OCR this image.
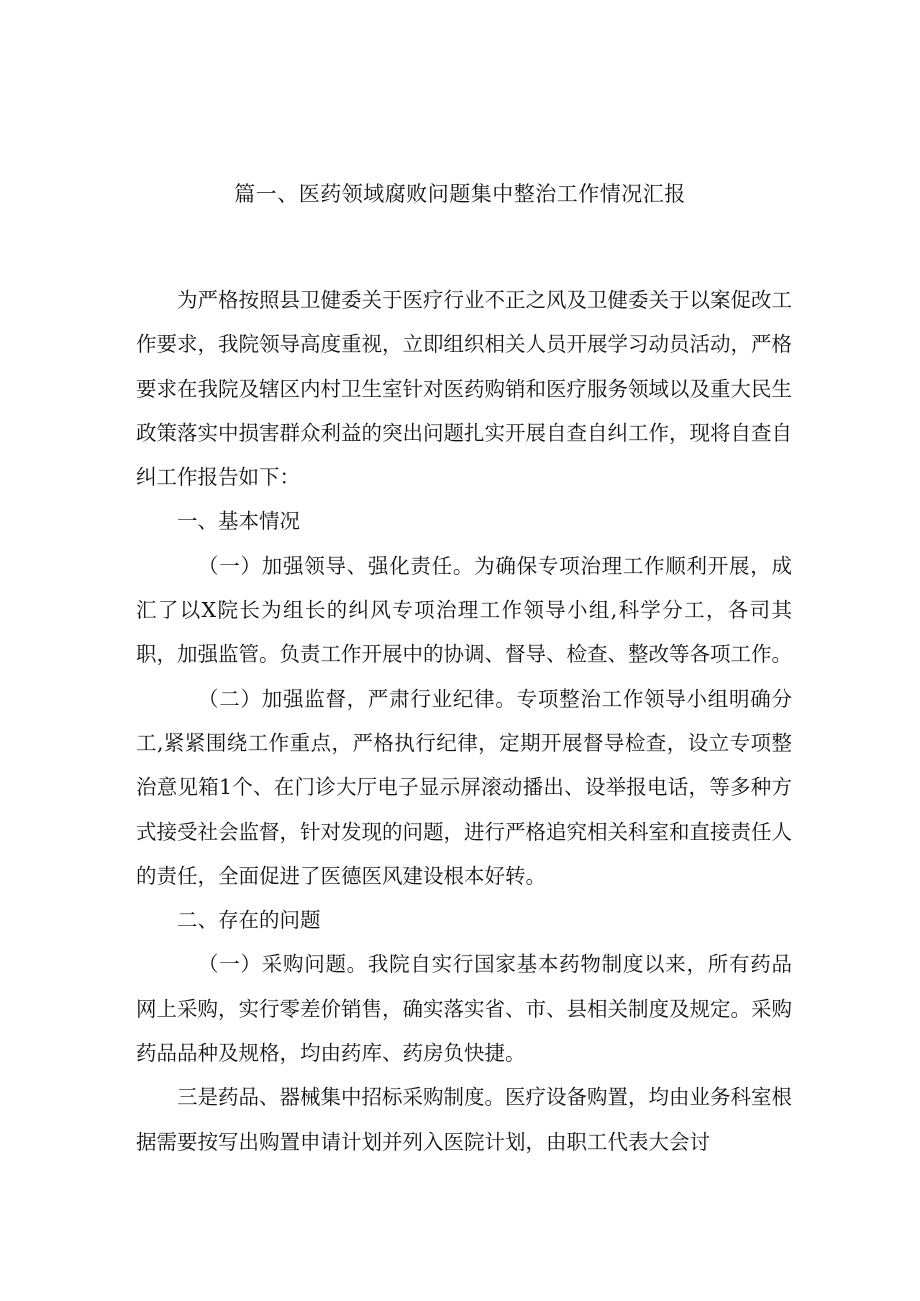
篇一、医药领域腐败问题集中整治工作情况汇报

为严格按照县卫健委关于医疗行业不正之风及卫健委关于以案促改工作要求，我院领导高度重视，立即组织相关人员开展学习动员活动，严格要求在我院及辖区内村卫生室针对医药购销和医疗服务领域以及重大民生政策落实中损害群众利益的突出问题扎实开展自查自纠工作，现将自查自纠工作报告如下：

一、基本情况

（一）加强领导、强化责任。为确保专项治理工作顺利开展，成汇了以X院长为组长的纠风专项治理工作领导小组,科学分工，各司其职，加强监管。负责工作开展中的协调、督导、检查、整改等各项工作。

（二）加强监督，严肃行业纪律。专项整治工作领导小组明确分工,紧紧围绕工作重点，严格执行纪律，定期开展督导检查，设立专项整治意见箱1个、在门诊大厅电子显示屏滚动播出、设举报电话，等多种方式接受社会监督，针对发现的问题，进行严格追究相关科室和直接责任人的责任，全面促进了医德医风建设根本好转。

二、存在的问题

（一）采购问题。我院自实行国家基本药物制度以来，所有药品网上采购，实行零差价销售，确实落实省、市、县相关制度及规定。采购药品品种及规格，均由药库、药房负快捷。

三是药品、器械集中招标采购制度。医疗设备购置，均由业务科室根据需要按写出购置申请计划并列入医院计划，由职工代表大会讨
